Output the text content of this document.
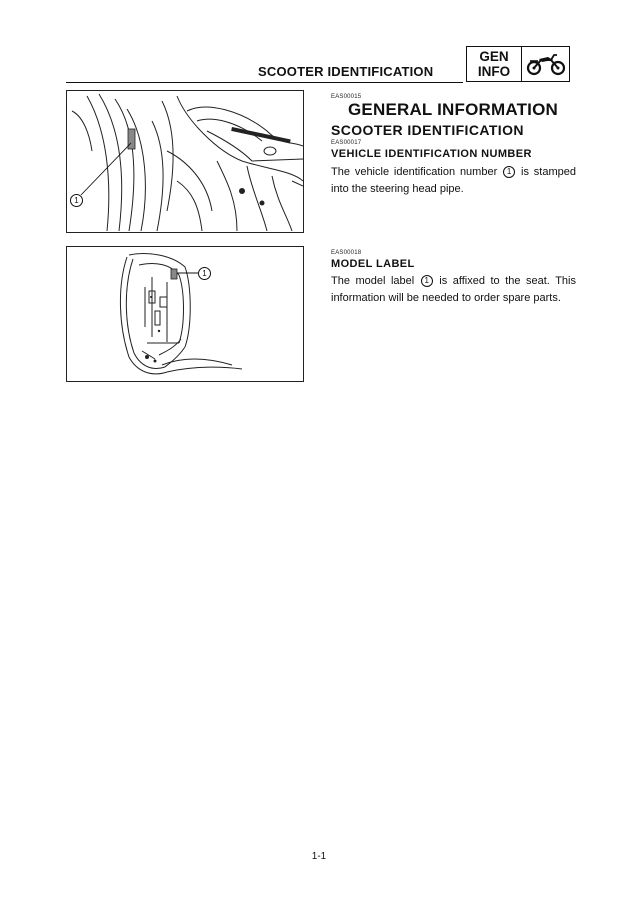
SCOOTER IDENTIFICATION
GEN
INFO
1
1
EAS00015
GENERAL INFORMATION
SCOOTER IDENTIFICATION
EAS00017
VEHICLE IDENTIFICATION NUMBER
The vehicle identification number 1 is stamped into the steering head pipe.
EAS00018
MODEL LABEL
The model label 1 is affixed to the seat. This information will be needed to order spare parts.
1-1
